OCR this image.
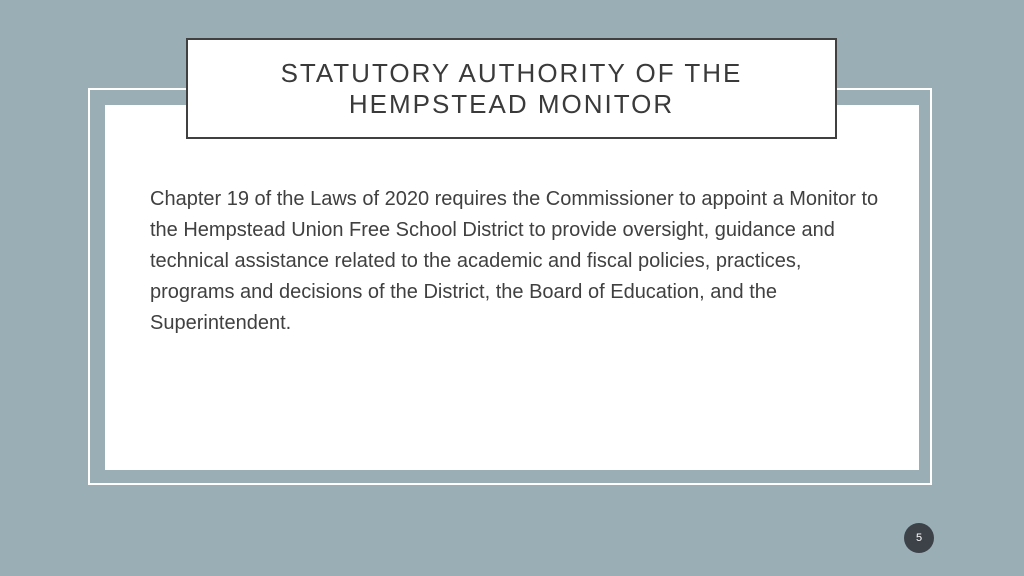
STATUTORY AUTHORITY OF THE HEMPSTEAD MONITOR

Chapter 19 of the Laws of 2020 requires the Commissioner to appoint a Monitor to the Hempstead Union Free School District to provide oversight, guidance and technical assistance related to the academic and fiscal policies, practices, programs and decisions of the District, the Board of Education, and the Superintendent.

5
